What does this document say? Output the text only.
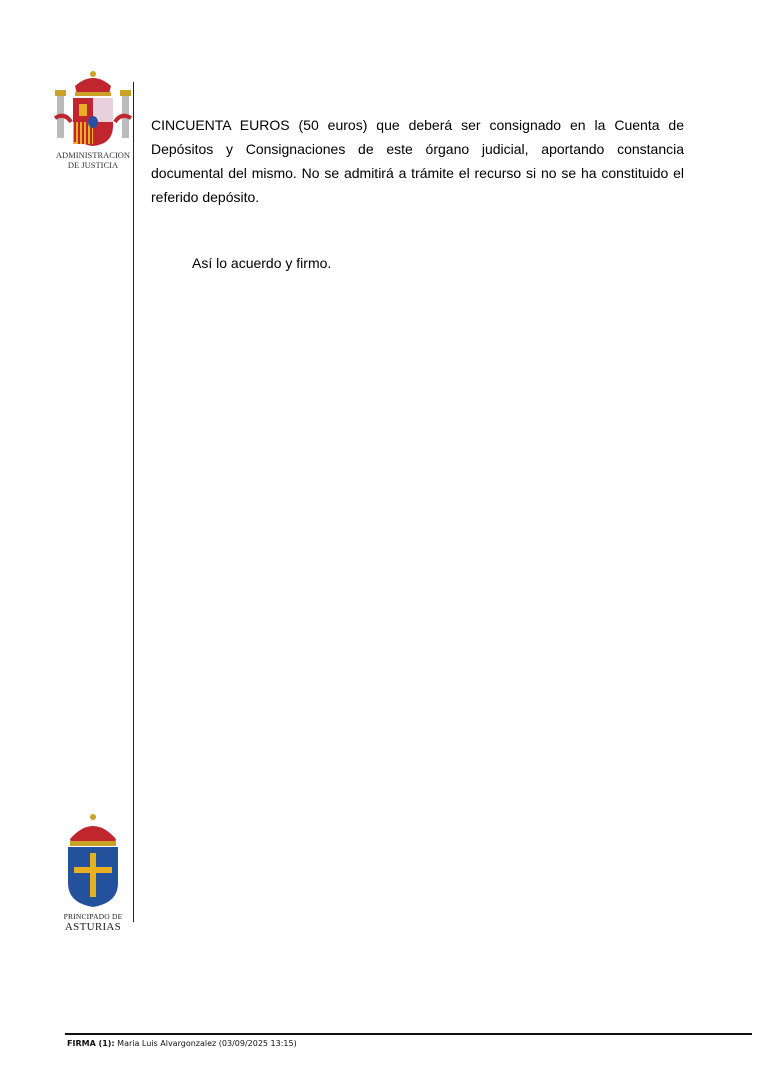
ADMINISTRACION
DE JUSTICIA
CINCUENTA EUROS (50 euros) que deberá ser consignado en la Cuenta de Depósitos y Consignaciones de este órgano judicial, aportando constancia documental del mismo. No se admitirá a trámite el recurso si no se ha constituido el referido depósito.
Así lo acuerdo y firmo.
PRINCIPADO DE
ASTURIAS
FIRMA (1): Maria Luis Alvargonzalez (03/09/2025 13:15)
